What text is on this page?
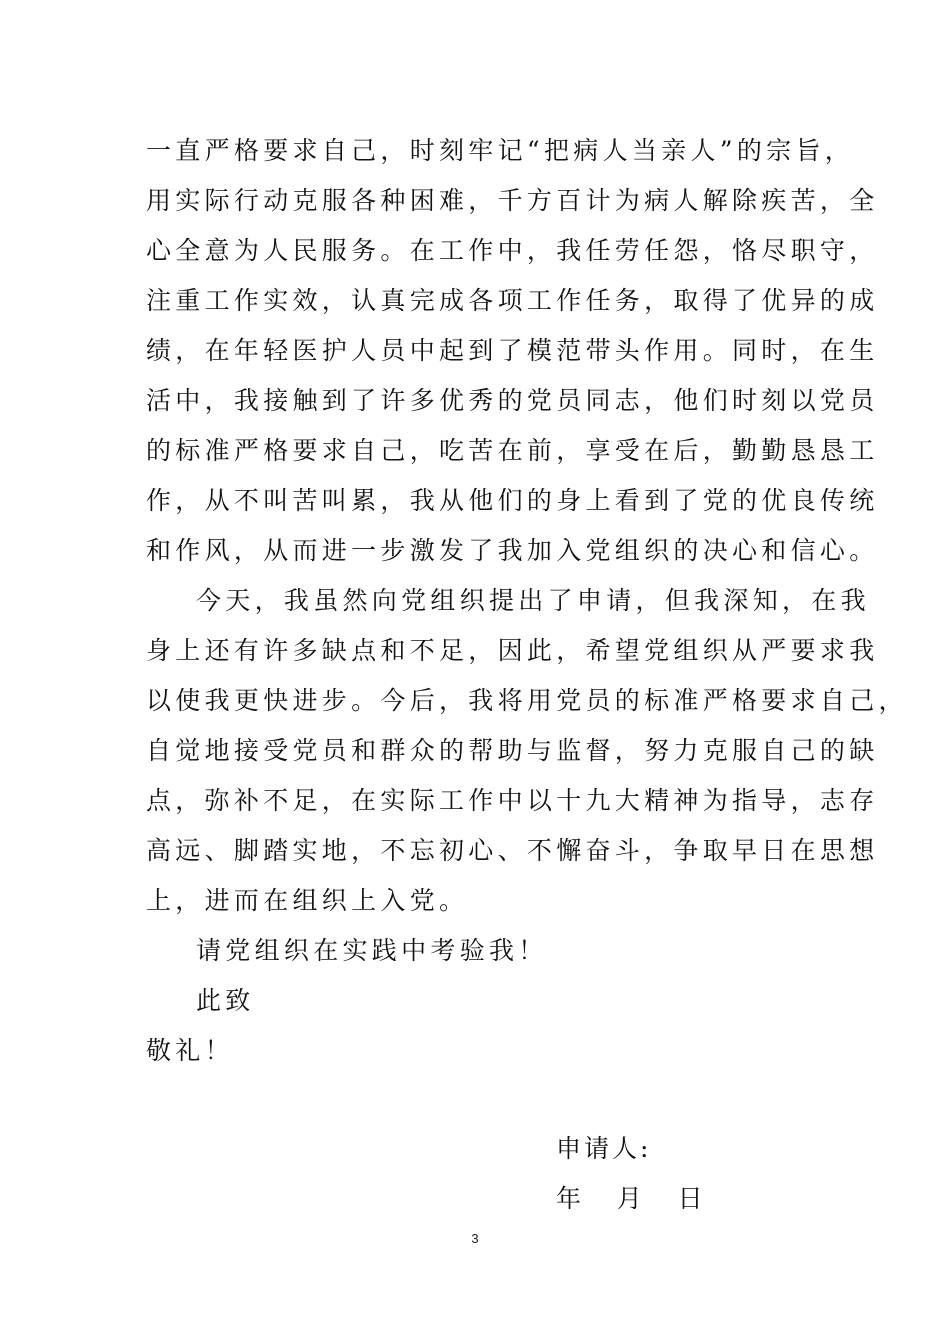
一直严格要求自己，时刻牢记“把病人当亲人”的宗旨，
用实际行动克服各种困难，千方百计为病人解除疾苦，全
心全意为人民服务。在工作中，我任劳任怨，恪尽职守，
注重工作实效，认真完成各项工作任务，取得了优异的成
绩，在年轻医护人员中起到了模范带头作用。同时，在生
活中，我接触到了许多优秀的党员同志，他们时刻以党员
的标准严格要求自己，吃苦在前，享受在后，勤勤恳恳工
作，从不叫苦叫累，我从他们的身上看到了党的优良传统
和作风，从而进一步激发了我加入党组织的决心和信心。
今天，我虽然向党组织提出了申请，但我深知，在我
身上还有许多缺点和不足，因此，希望党组织从严要求我
以使我更快进步。今后，我将用党员的标准严格要求自己，
自觉地接受党员和群众的帮助与监督，努力克服自己的缺
点，弥补不足，在实际工作中以十九大精神为指导，志存
高远、脚踏实地，不忘初心、不懈奋斗，争取早日在思想
上，进而在组织上入党。
请党组织在实践中考验我！
此致
敬礼！
申请人:
年   月   日
3
